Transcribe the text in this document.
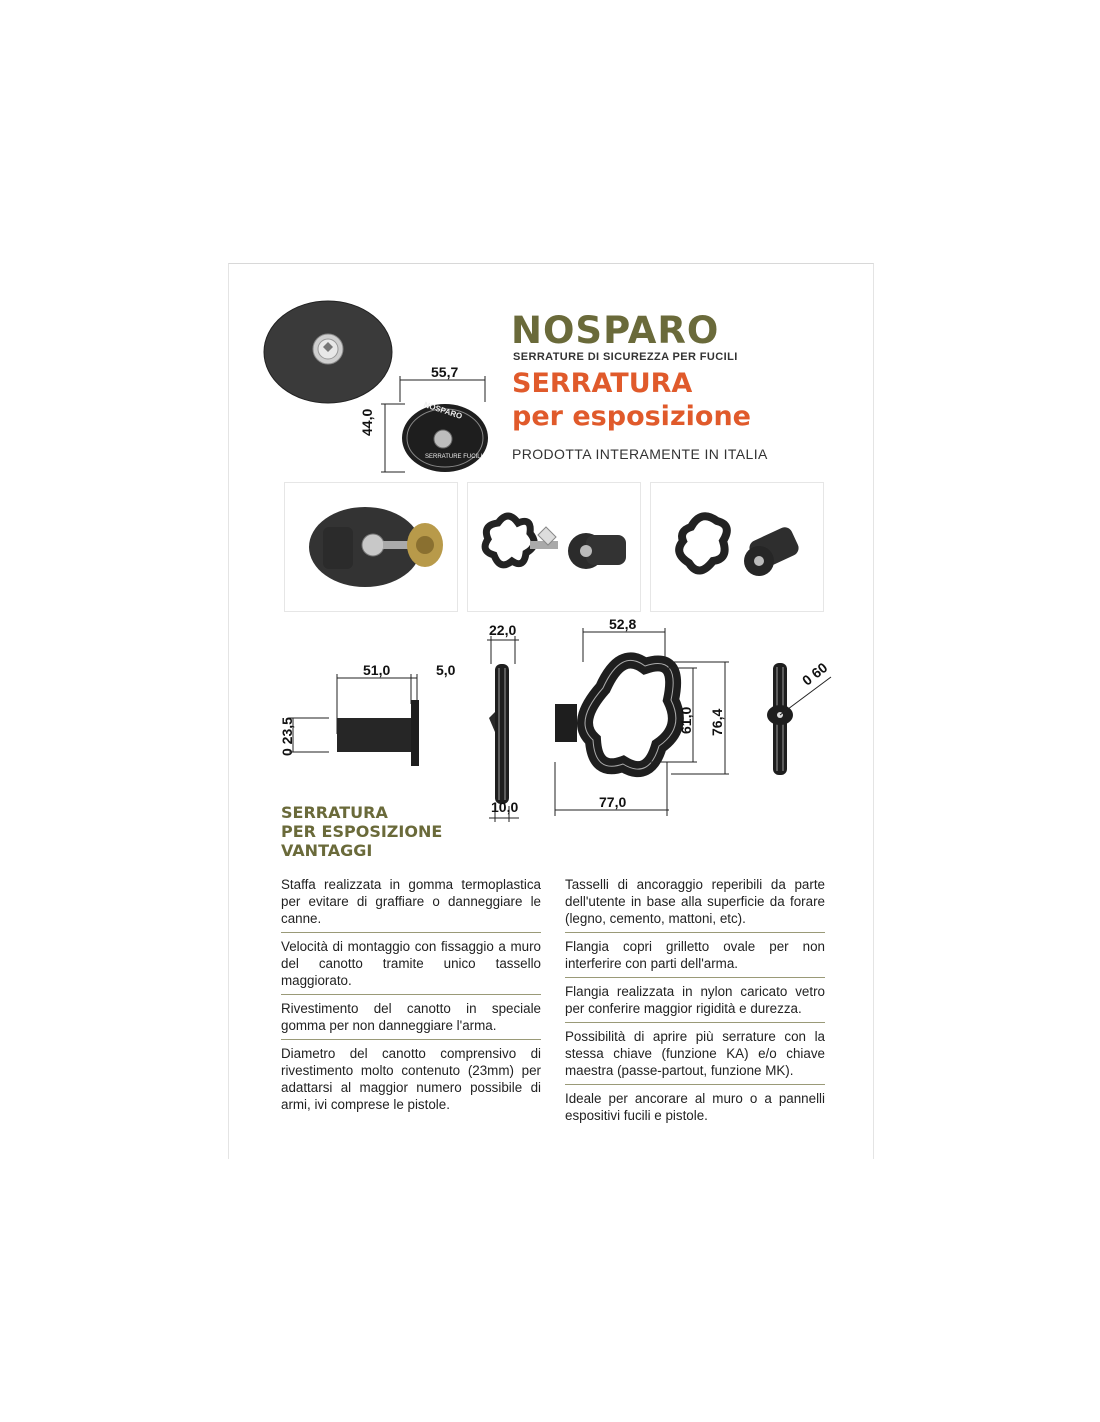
55,7
44,0	NOSPARO
SERRATURE FUCILI
NOSPARO
SERRATURE DI SICUREZZA PER FUCILI
SERRATURA
per esposizione
PRODOTTA INTERAMENTE IN ITALIA
51,0	5,0
0 23,5
22,0
10,0
52,8
77,0
61,0 76,4
0 60
SERRATURA
PER ESPOSIZIONE
VANTAGGI
Staffa realizzata in gomma termoplastica per evitare di graffiare o danneggiare le canne.
Velocità di montaggio con fissaggio a muro del canotto tramite unico tassello maggiorato.
Rivestimento del canotto in speciale gomma per non danneggiare l'arma.
Diametro del canotto comprensivo di rivestimento molto contenuto (23mm) per adattarsi al maggior numero possibile di armi, ivi comprese le pistole.
Tasselli di ancoraggio reperibili da parte dell'utente in base alla superficie da forare (legno, cemento, mattoni, etc).
Flangia copri grilletto ovale per non interferire con parti dell'arma.
Flangia realizzata in nylon caricato vetro per conferire maggior rigidità e durezza.
Possibilità di aprire più serrature con la stessa chiave (funzione KA) e/o chiave maestra (passe-partout, funzione MK).
Ideale per ancorare al muro o a pannelli espositivi fucili e pistole.
